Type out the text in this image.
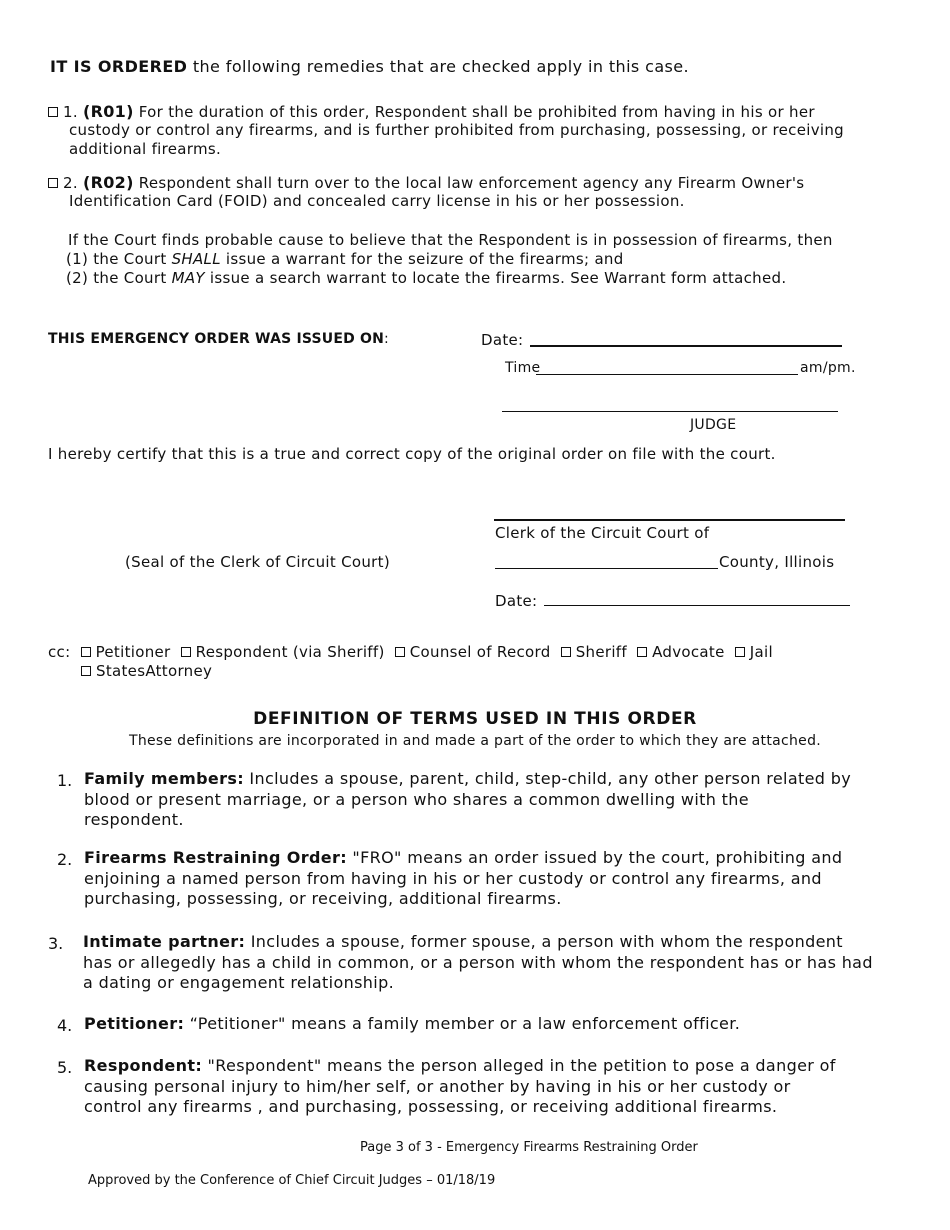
IT IS ORDERED the following remedies that are checked apply in this case.
1. (R01) For the duration of this order, Respondent shall be prohibited from having in his or her
custody or control any firearms, and is further prohibited from purchasing, possessing, or receiving
additional firearms.
2. (R02) Respondent shall turn over to the local law enforcement agency any Firearm Owner's
Identification Card (FOID) and concealed carry license in his or her possession.
If the Court finds probable cause to believe that the Respondent is in possession of firearms, then
(1) the Court SHALL issue a warrant for the seizure of the firearms; and
(2) the Court MAY issue a search warrant to locate the firearms. See Warrant form attached.
THIS EMERGENCY ORDER WAS ISSUED ON:	Date:
Time	am/pm.
JUDGE
I hereby certify that this is a true and correct copy of the original order on file with the court.
Clerk of the Circuit Court of
(Seal of the Clerk of Circuit Court)	County, Illinois
Date:
cc: Petitioner Respondent (via Sheriff) Counsel of Record Sheriff Advocate Jail
StatesAttorney
DEFINITION OF TERMS USED IN THIS ORDER
These definitions are incorporated in and made a part of the order to which they are attached.
1. Family members: Includes a spouse, parent, child, step-child, any other person related by
blood or present marriage, or a person who shares a common dwelling with the
respondent.
2. Firearms Restraining Order: "FRO" means an order issued by the court, prohibiting and
enjoining a named person from having in his or her custody or control any firearms, and
purchasing, possessing, or receiving, additional firearms.
3. Intimate partner: Includes a spouse, former spouse, a person with whom the respondent
has or allegedly has a child in common, or a person with whom the respondent has or has had
a dating or engagement relationship.
4. Petitioner: “Petitioner" means a family member or a law enforcement officer.
5. Respondent: "Respondent" means the person alleged in the petition to pose a danger of
causing personal injury to him/her self, or another by having in his or her custody or
control any firearms , and purchasing, possessing, or receiving additional firearms.
Page 3 of 3 - Emergency Firearms Restraining Order
Approved by the Conference of Chief Circuit Judges – 01/18/19
